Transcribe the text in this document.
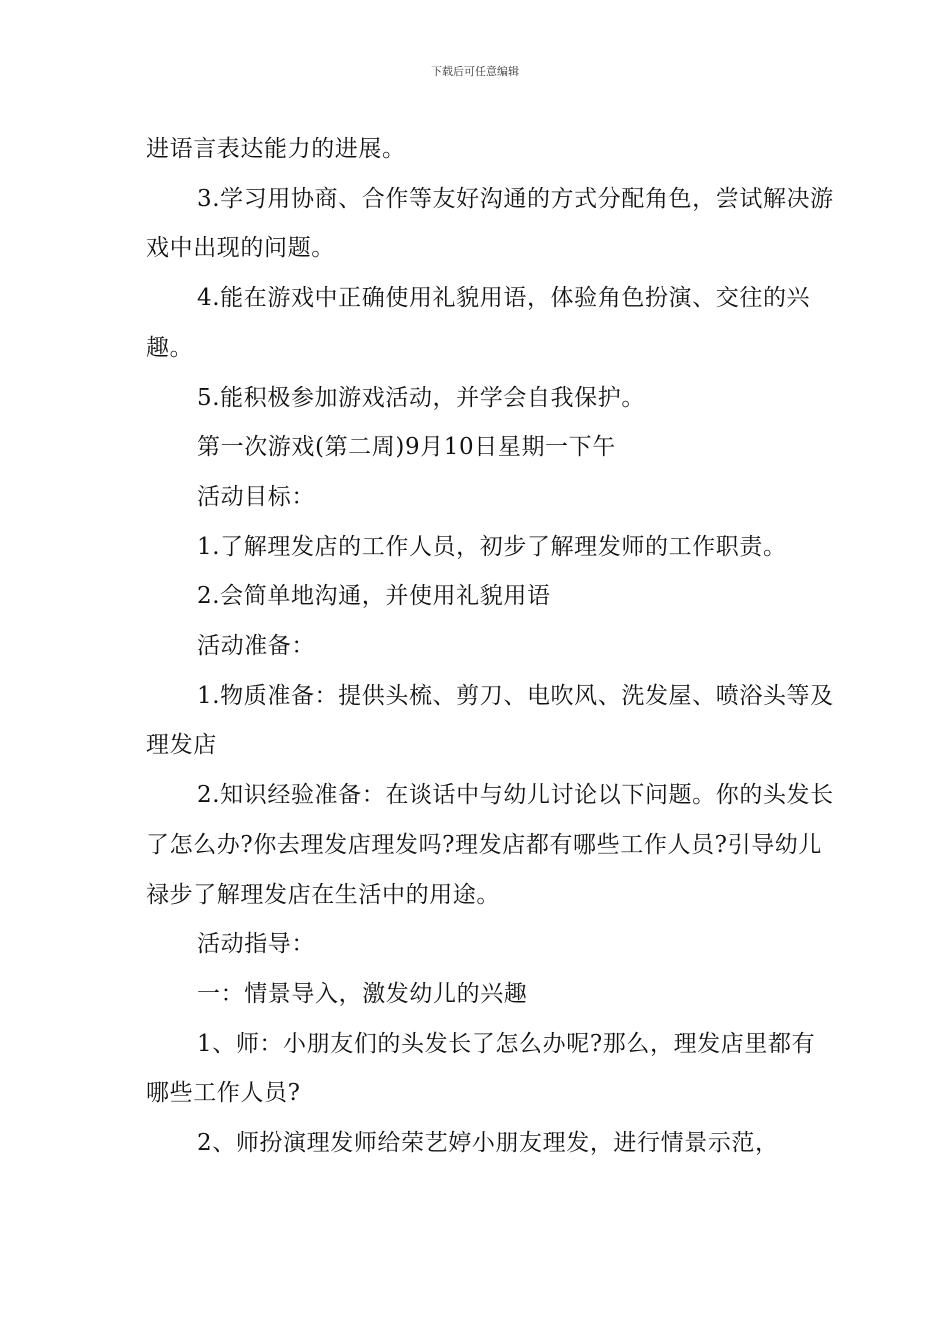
下载后可任意编辑

进语言表达能力的进展。

3.学习用协商、合作等友好沟通的方式分配角色，尝试解决游戏中出现的问题。

4.能在游戏中正确使用礼貌用语，体验角色扮演、交往的兴趣。

5.能积极参加游戏活动，并学会自我保护。

第一次游戏(第二周)9月10日星期一下午

活动目标：

1.了解理发店的工作人员，初步了解理发师的工作职责。

2.会简单地沟通，并使用礼貌用语

活动准备：

1.物质准备：提供头梳、剪刀、电吹风、洗发屋、喷浴头等及理发店

2.知识经验准备：在谈话中与幼儿讨论以下问题。你的头发长了怎么办?你去理发店理发吗?理发店都有哪些工作人员?引导幼儿禄步了解理发店在生活中的用途。

活动指导：

一：情景导入，激发幼儿的兴趣

1、师：小朋友们的头发长了怎么办呢?那么，理发店里都有哪些工作人员?

2、师扮演理发师给荣艺婷小朋友理发，进行情景示范，
